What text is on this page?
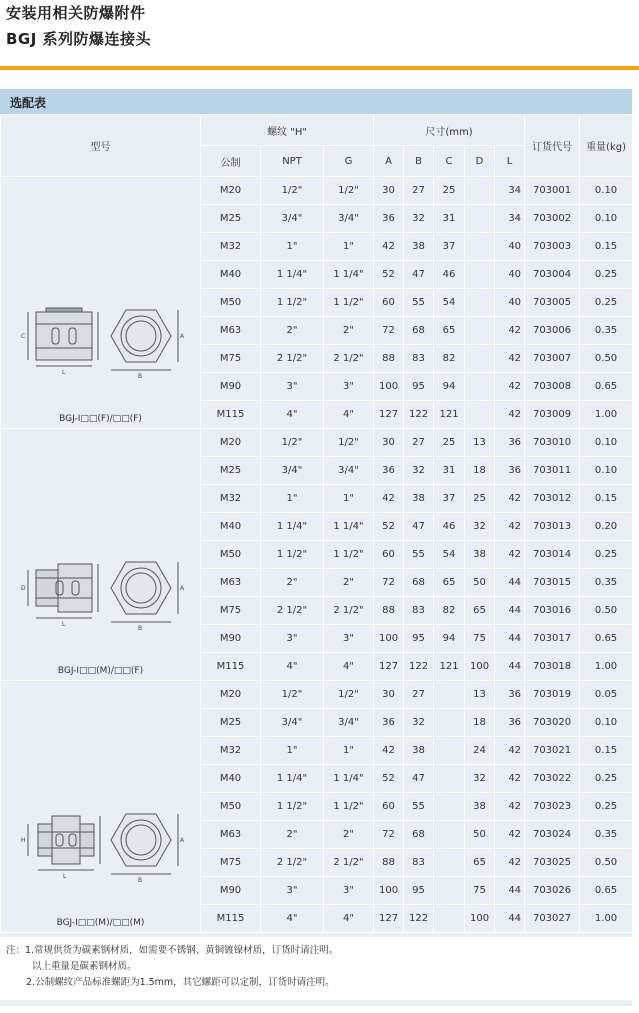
安装用相关防爆附件
BGJ 系列防爆连接头
选配表
型号	螺纹 "H"			尺寸(mm)					订货代号	重量(kg)
	公制	NPT	G	A	B	C	D	L		

L
B
C A
BGJ-I□□(F)/□□(F)	M20	1/2"	1/2"	30	27	25		34	703001	0.10
	M25	3/4"	3/4"	36	32	31		34	703002	0.10
	M32	1"	1"	42	38	37		40	703003	0.15
	M40	1 1/4"	1 1/4"	52	47	46		40	703004	0.25
	M50	1 1/2"	1 1/2"	60	55	54		40	703005	0.25
	M63	2"	2"	72	68	65		42	703006	0.35
	M75	2 1/2"	2 1/2"	88	83	82		42	703007	0.50
	M90	3"	3"	100	95	94		42	703008	0.65
	M115	4"	4"	127	122	121		42	703009	1.00

L
B
D A
BGJ-I□□(M)/□□(F)	M20	1/2"	1/2"	30	27	25	13	36	703010	0.10
	M25	3/4"	3/4"	36	32	31	18	36	703011	0.10
	M32	1"	1"	42	38	37	25	42	703012	0.15
	M40	1 1/4"	1 1/4"	52	47	46	32	42	703013	0.20
	M50	1 1/2"	1 1/2"	60	55	54	38	42	703014	0.25
	M63	2"	2"	72	68	65	50	44	703015	0.35
	M75	2 1/2"	2 1/2"	88	83	82	65	44	703016	0.50
	M90	3"	3"	100	95	94	75	44	703017	0.65
	M115	4"	4"	127	122	121	100	44	703018	1.00

L
B
H A
BGJ-I□□(M)/□□(M)	M20	1/2"	1/2"	30	27		13	36	703019	0.05
	M25	3/4"	3/4"	36	32		18	36	703020	0.10
	M32	1"	1"	42	38		24	42	703021	0.15
	M40	1 1/4"	1 1/4"	52	47		32	42	703022	0.25
	M50	1 1/2"	1 1/2"	60	55		38	42	703023	0.25
	M63	2"	2"	72	68		50	42	703024	0.35
	M75	2 1/2"	2 1/2"	88	83		65	42	703025	0.50
	M90	3"	3"	100	95		75	44	703026	0.65
	M115	4"	4"	127	122		100	44	703027	1.00
注：1.常规供货为碳素钢材质，如需要不锈钢、黄铜镀镍材质，订货时请注明。
以上重量是碳素钢材质。
2.公制螺纹产品标准螺距为1.5mm，其它螺距可以定制，订货时请注明。
